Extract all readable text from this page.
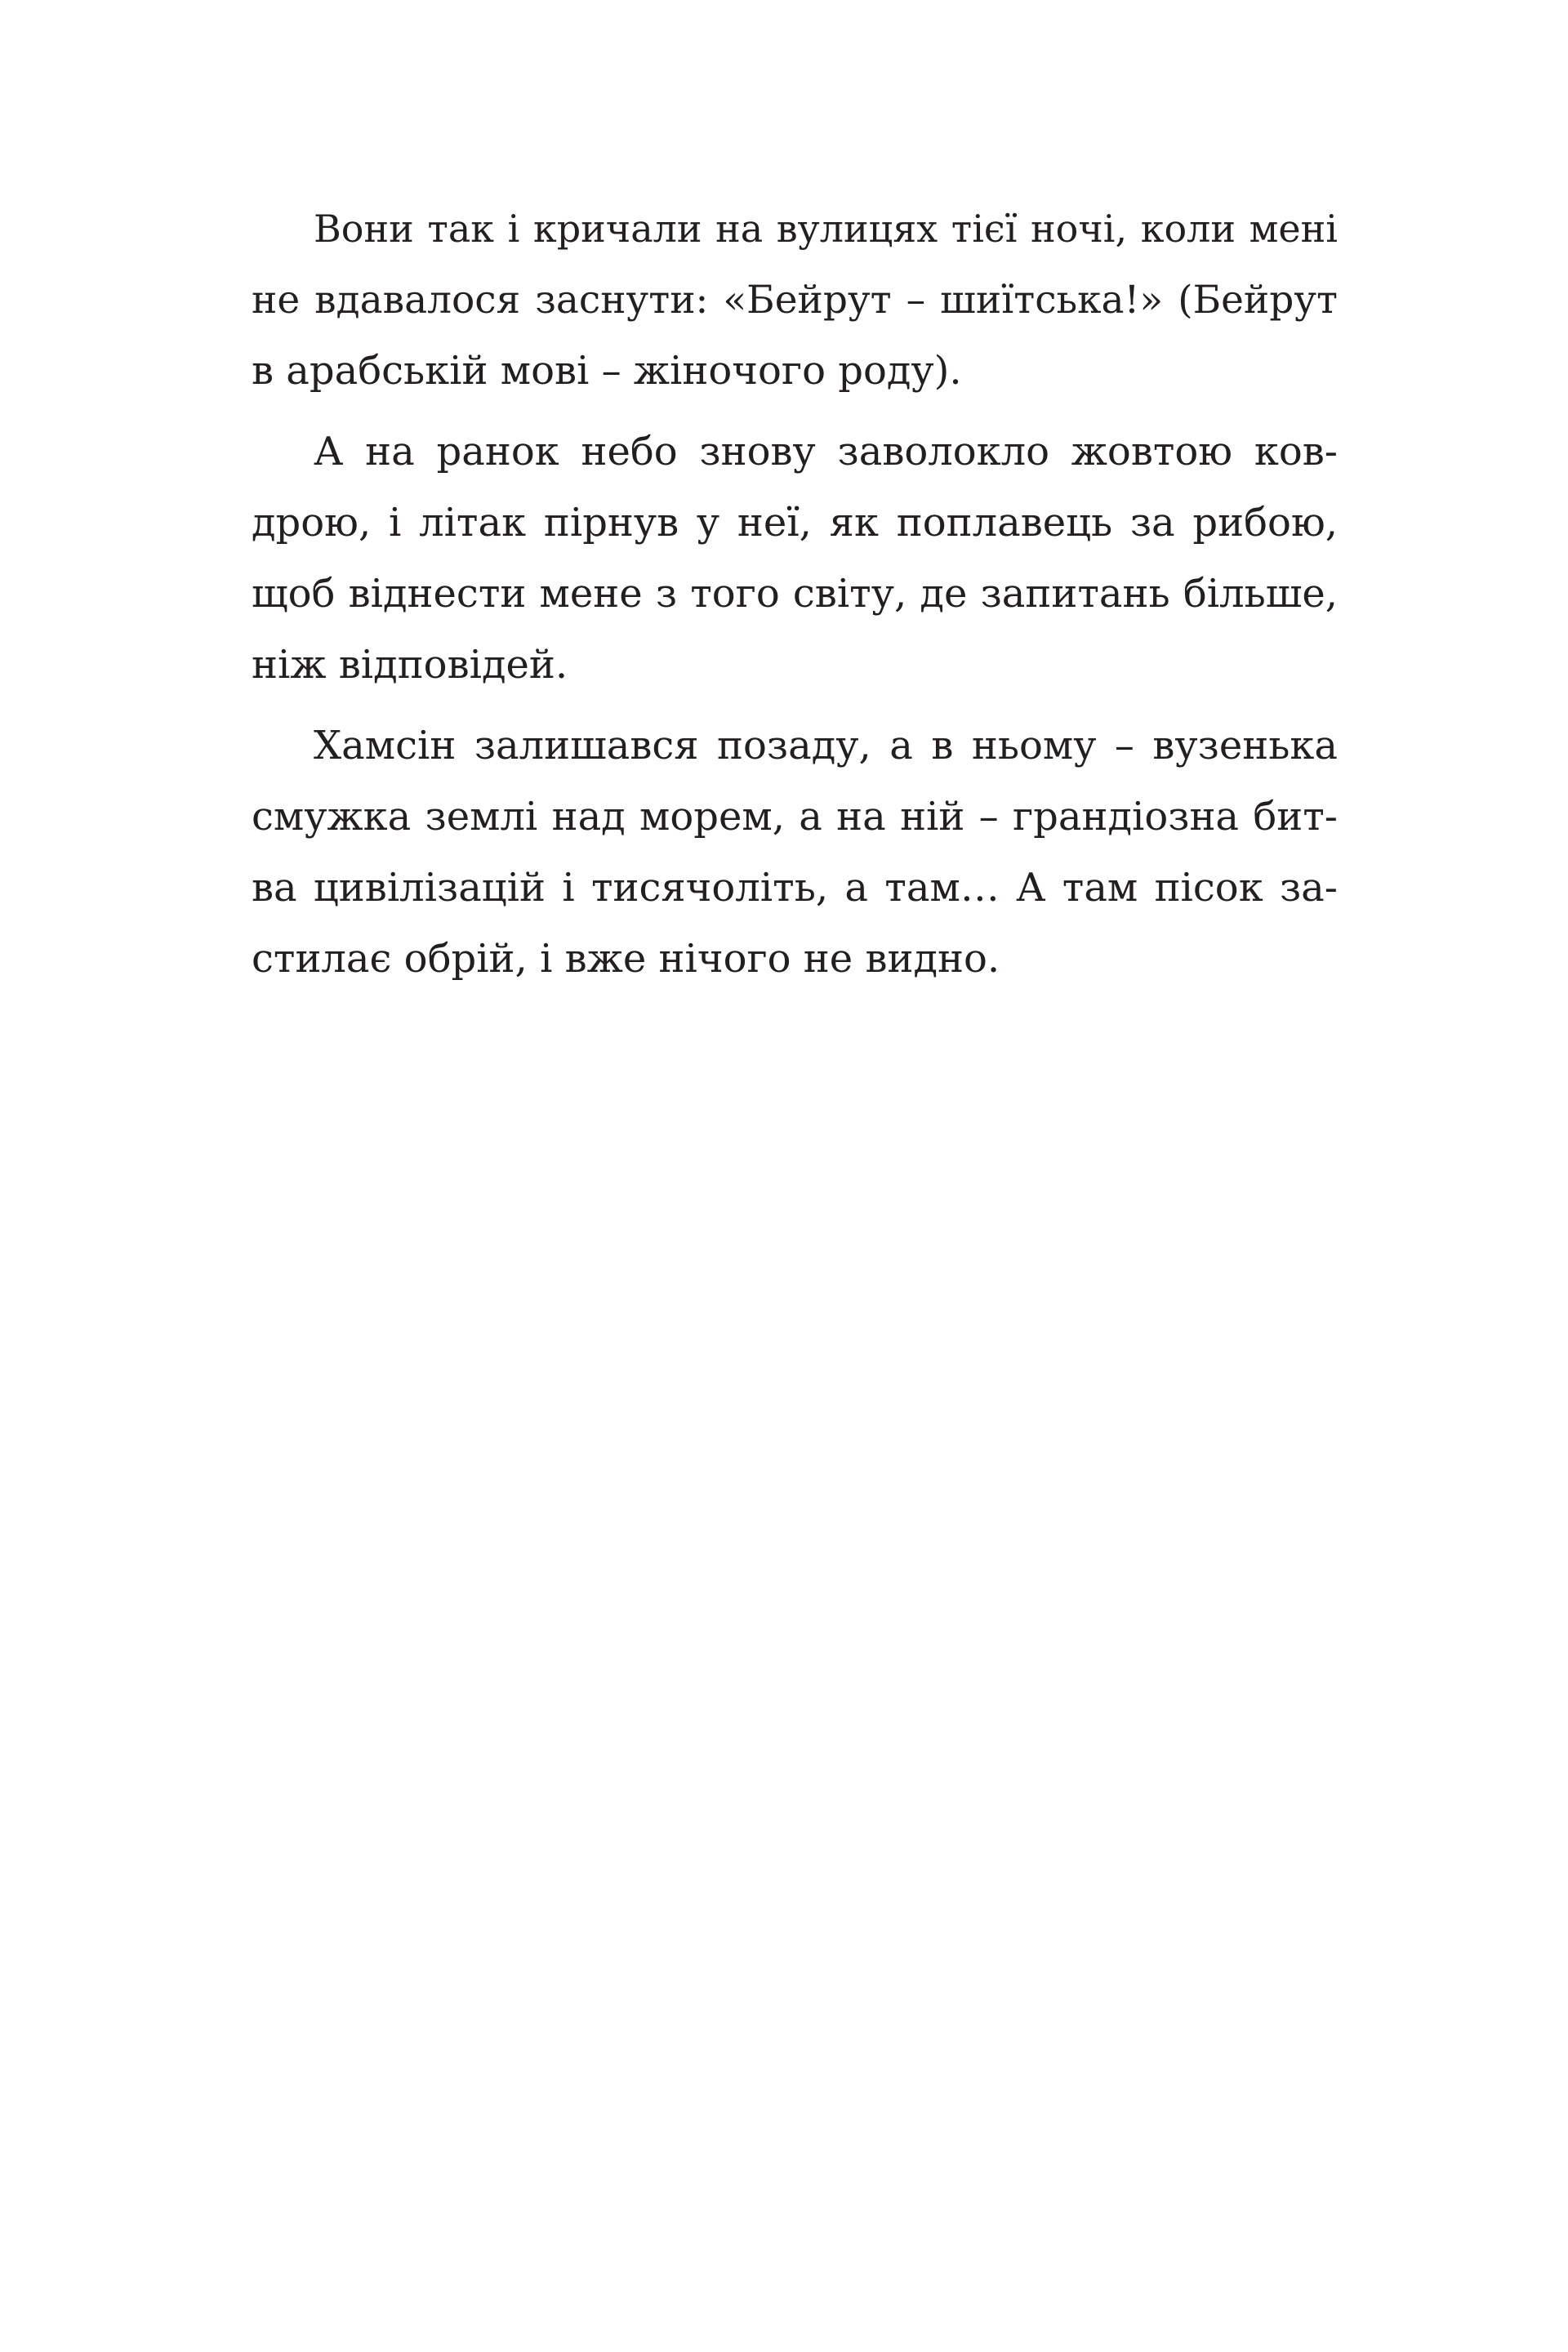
Вони так і кричали на вулицях тієї ночі, коли мені
не вдавалося заснути: «Бейрут – шиїтська!» (Бейрут
в арабській мові – жіночого роду).
А на ранок небо знову заволокло жовтою ков-
дрою, і літак пірнув у неї, як поплавець за рибою,
щоб віднести мене з того світу, де запитань більше,
ніж відповідей.
Хамсін залишався позаду, а в ньому – вузенька
смужка землі над морем, а на ній – грандіозна бит-
ва цивілізацій і тисячоліть, а там… А там пісок за-
стилає обрій, і вже нічого не видно.
